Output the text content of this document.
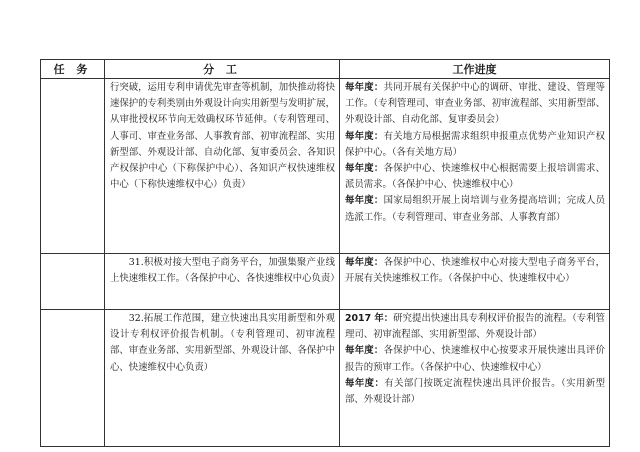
任 务	分 工	工作进度

	行突破，运用专利申请优先审查等机制，加快推动将快速保护的专利类别由外观设计向实用新型与发明扩展，从审批授权环节向无效确权环节延伸。（专利管理司、人事司、审查业务部、人事教育部、初审流程部、实用新型部、外观设计部、自动化部、复审委员会、各知识产权保护中心（下称保护中心）、各知识产权快速维权中心（下称快速维权中心）负责）	每年度：共同开展有关保护中心的调研、审批、建设、管理等工作。（专利管理司、审查业务部、初审流程部、实用新型部、外观设计部、自动化部、复审委员会）
每年度：有关地方局根据需求组织申报重点优势产业知识产权保护中心。（各有关地方局）
每年度：各保护中心、快速维权中心根据需要上报培训需求、派员需求。（各保护中心、快速维权中心）
每年度：国家局组织开展上岗培训与业务提高培训；完成人员选派工作。（专利管理司、审查业务部、人事教育部）

	31.积极对接大型电子商务平台，加强集聚产业线上快速维权工作。（各保护中心、各快速维权中心负责）	每年度：各保护中心、快速维权中心对接大型电子商务平台，开展有关快速维权工作。（各保护中心、快速维权中心）

	32.拓展工作范围，建立快速出具实用新型和外观设计专利权评价报告机制。（专利管理司、初审流程部、审查业务部、实用新型部、外观设计部、各保护中心、快速维权中心负责）	2017 年：研究提出快速出具专利权评价报告的流程。（专利管理司、初审流程部、实用新型部、外观设计部）
每年度：各保护中心、快速维权中心按要求开展快速出具评价报告的预审工作。（各保护中心、快速维权中心）
每年度：有关部门按既定流程快速出具评价报告。（实用新型部、外观设计部）
